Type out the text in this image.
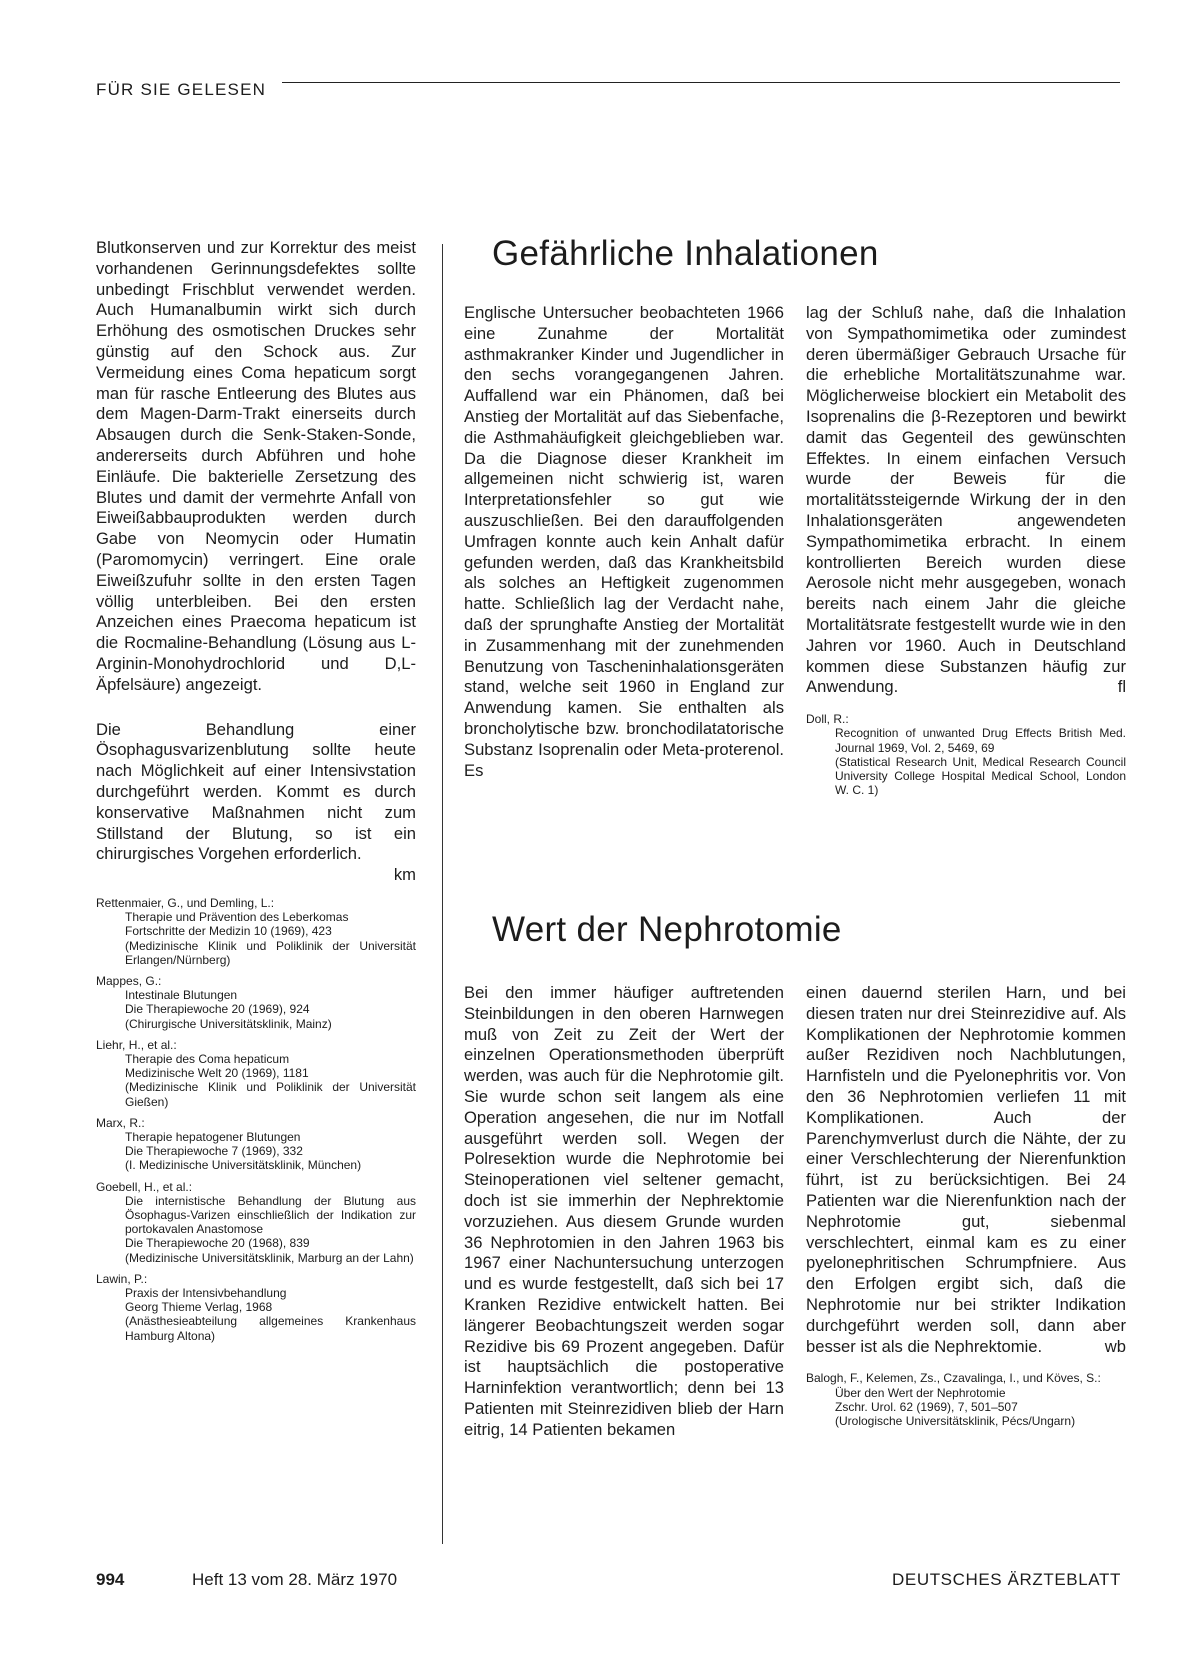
FÜR SIE GELESEN

Blutkonserven und zur Korrektur des meist vorhandenen Gerinnungsdefektes sollte unbedingt Frischblut verwendet werden. Auch Humanalbumin wirkt sich durch Erhöhung des osmotischen Druckes sehr günstig auf den Schock aus. Zur Vermeidung eines Coma hepaticum sorgt man für rasche Entleerung des Blutes aus dem Magen-Darm-Trakt einerseits durch Absaugen durch die Senk-Staken-Sonde, andererseits durch Abführen und hohe Einläufe. Die bakterielle Zersetzung des Blutes und damit der vermehrte Anfall von Eiweißabbauprodukten werden durch Gabe von Neomycin oder Humatin (Paromomycin) verringert. Eine orale Eiweißzufuhr sollte in den ersten Tagen völlig unterbleiben. Bei den ersten Anzeichen eines Praecoma hepaticum ist die Rocmaline-Behandlung (Lösung aus L-Arginin-Monohydrochlorid und D,L-Äpfelsäure) angezeigt.

Die Behandlung einer Ösophagusvarizenblutung sollte heute nach Möglichkeit auf einer Intensivstation durchgeführt werden. Kommt es durch konservative Maßnahmen nicht zum Stillstand der Blutung, so ist ein chirurgisches Vorgehen erforderlich.
km

Rettenmaier, G., und Demling, L.:
Therapie und Prävention des Leberkomas
Fortschritte der Medizin 10 (1969), 423
(Medizinische Klinik und Poliklinik der Universität Erlangen/Nürnberg)
Mappes, G.:
Intestinale Blutungen
Die Therapiewoche 20 (1969), 924
(Chirurgische Universitätsklinik, Mainz)
Liehr, H., et al.:
Therapie des Coma hepaticum
Medizinische Welt 20 (1969), 1181
(Medizinische Klinik und Poliklinik der Universität Gießen)
Marx, R.:
Therapie hepatogener Blutungen
Die Therapiewoche 7 (1969), 332
(I. Medizinische Universitätsklinik, München)
Goebell, H., et al.:
Die internistische Behandlung der Blutung aus Ösophagus-Varizen einschließlich der Indikation zur portokavalen Anastomose
Die Therapiewoche 20 (1968), 839
(Medizinische Universitätsklinik, Marburg an der Lahn)
Lawin, P.:
Praxis der Intensivbehandlung
Georg Thieme Verlag, 1968
(Anästhesieabteilung allgemeines Krankenhaus Hamburg Altona)
Gefährliche Inhalationen

Englische Untersucher beobachteten 1966 eine Zunahme der Mortalität asthmakranker Kinder und Jugendlicher in den sechs vorangegangenen Jahren. Auffallend war ein Phänomen, daß bei Anstieg der Mortalität auf das Siebenfache, die Asthmahäufigkeit gleichgeblieben war. Da die Diagnose dieser Krankheit im allgemeinen nicht schwierig ist, waren Interpretationsfehler so gut wie auszuschließen. Bei den darauffolgenden Umfragen konnte auch kein Anhalt dafür gefunden werden, daß das Krankheitsbild als solches an Heftigkeit zugenommen hatte. Schließlich lag der Verdacht nahe, daß der sprunghafte Anstieg der Mortalität in Zusammenhang mit der zunehmenden Benutzung von Tascheninhalationsgeräten stand, welche seit 1960 in England zur Anwendung kamen. Sie enthalten als broncholytische bzw. bronchodilatatorische Substanz Isoprenalin oder Meta-proterenol. Es

lag der Schluß nahe, daß die Inhalation von Sympathomimetika oder zumindest deren übermäßiger Gebrauch Ursache für die erhebliche Mortalitätszunahme war. Möglicherweise blockiert ein Metabolit des Isoprenalins die β-Rezeptoren und bewirkt damit das Gegenteil des gewünschten Effektes. In einem einfachen Versuch wurde der Beweis für die mortalitätssteigernde Wirkung der in den Inhalationsgeräten angewendeten Sympathomimetika erbracht. In einem kontrollierten Bereich wurden diese Aerosole nicht mehr ausgegeben, wonach bereits nach einem Jahr die gleiche Mortalitätsrate festgestellt wurde wie in den Jahren vor 1960. Auch in Deutschland kommen diese Substanzen häufig zur Anwendung.	fl

Doll, R.:
Recognition of unwanted Drug Effects British Med. Journal 1969, Vol. 2, 5469, 69
(Statistical Research Unit, Medical Research Council University College Hospital Medical School, London W. C. 1)
Wert der Nephrotomie

Bei den immer häufiger auftretenden Steinbildungen in den oberen Harnwegen muß von Zeit zu Zeit der Wert der einzelnen Operationsmethoden überprüft werden, was auch für die Nephrotomie gilt. Sie wurde schon seit langem als eine Operation angesehen, die nur im Notfall ausgeführt werden soll. Wegen der Polresektion wurde die Nephrotomie bei Steinoperationen viel seltener gemacht, doch ist sie immerhin der Nephrektomie vorzuziehen. Aus diesem Grunde wurden 36 Nephrotomien in den Jahren 1963 bis 1967 einer Nachuntersuchung unterzogen und es wurde festgestellt, daß sich bei 17 Kranken Rezidive entwickelt hatten. Bei längerer Beobachtungszeit werden sogar Rezidive bis 69 Prozent angegeben. Dafür ist hauptsächlich die postoperative Harninfektion verantwortlich; denn bei 13 Patienten mit Steinrezidiven blieb der Harn eitrig, 14 Patienten bekamen

einen dauernd sterilen Harn, und bei diesen traten nur drei Steinrezidive auf. Als Komplikationen der Nephrotomie kommen außer Rezidiven noch Nachblutungen, Harnfisteln und die Pyelonephritis vor. Von den 36 Nephrotomien verliefen 11 mit Komplikationen. Auch der Parenchymverlust durch die Nähte, der zu einer Verschlechterung der Nierenfunktion führt, ist zu berücksichtigen. Bei 24 Patienten war die Nierenfunktion nach der Nephrotomie gut, siebenmal verschlechtert, einmal kam es zu einer pyelonephritischen Schrumpfniere. Aus den Erfolgen ergibt sich, daß die Nephrotomie nur bei strikter Indikation durchgeführt werden soll, dann aber besser ist als die Nephrektomie.	wb

Balogh, F., Kelemen, Zs., Czavalinga, I., und Köves, S.:
Über den Wert der Nephrotomie
Zschr. Urol. 62 (1969), 7, 501–507
(Urologische Universitätsklinik, Pécs/Ungarn)
994	Heft 13 vom 28. März 1970	DEUTSCHES ÄRZTEBLATT
